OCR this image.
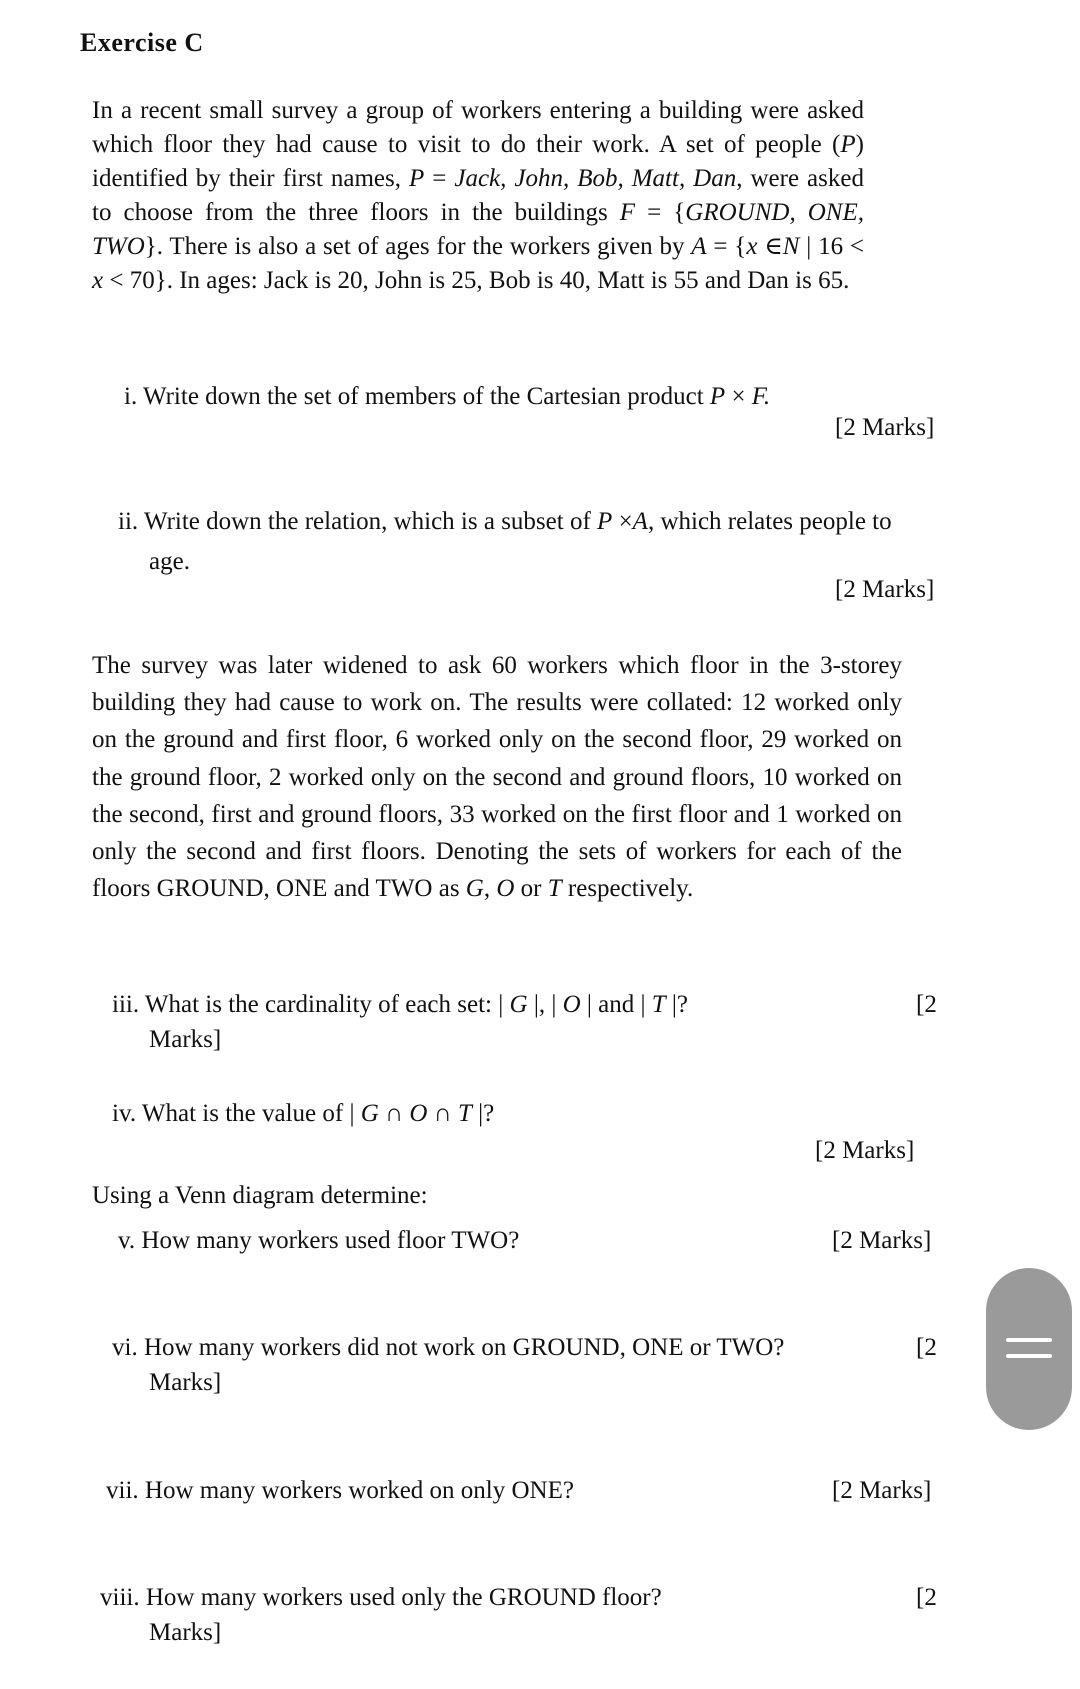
Exercise C
In a recent small survey a group of workers entering a building were asked which floor they had cause to visit to do their work. A set of people (P) identified by their first names, P = Jack, John, Bob, Matt, Dan, were asked to choose from the three floors in the buildings F = {GROUND, ONE, TWO}. There is also a set of ages for the workers given by A = {x ∈N | 16 < x < 70}. In ages: Jack is 20, John is 25, Bob is 40, Matt is 55 and Dan is 65.
i. Write down the set of members of the Cartesian product P × F.
[2 Marks]
ii. Write down the relation, which is a subset of P ×A, which relates people to
age.
[2 Marks]
The survey was later widened to ask 60 workers which floor in the 3-storey building they had cause to work on. The results were collated: 12 worked only on the ground and first floor, 6 worked only on the second floor, 29 worked on the ground floor, 2 worked only on the second and ground floors, 10 worked on the second, first and ground floors, 33 worked on the first floor and 1 worked on only the second and first floors. Denoting the sets of workers for each of the floors GROUND, ONE and TWO as G, O or T respectively.
iii. What is the cardinality of each set: | G |, | O | and | T |?	[2
Marks]
iv. What is the value of | G ∩ O ∩ T |?
[2 Marks]
Using a Venn diagram determine:
v. How many workers used floor TWO?	[2 Marks]
vi. How many workers did not work on GROUND, ONE or TWO?	[2
Marks]
vii. How many workers worked on only ONE?	[2 Marks]
viii. How many workers used only the GROUND floor?	[2
Marks]
